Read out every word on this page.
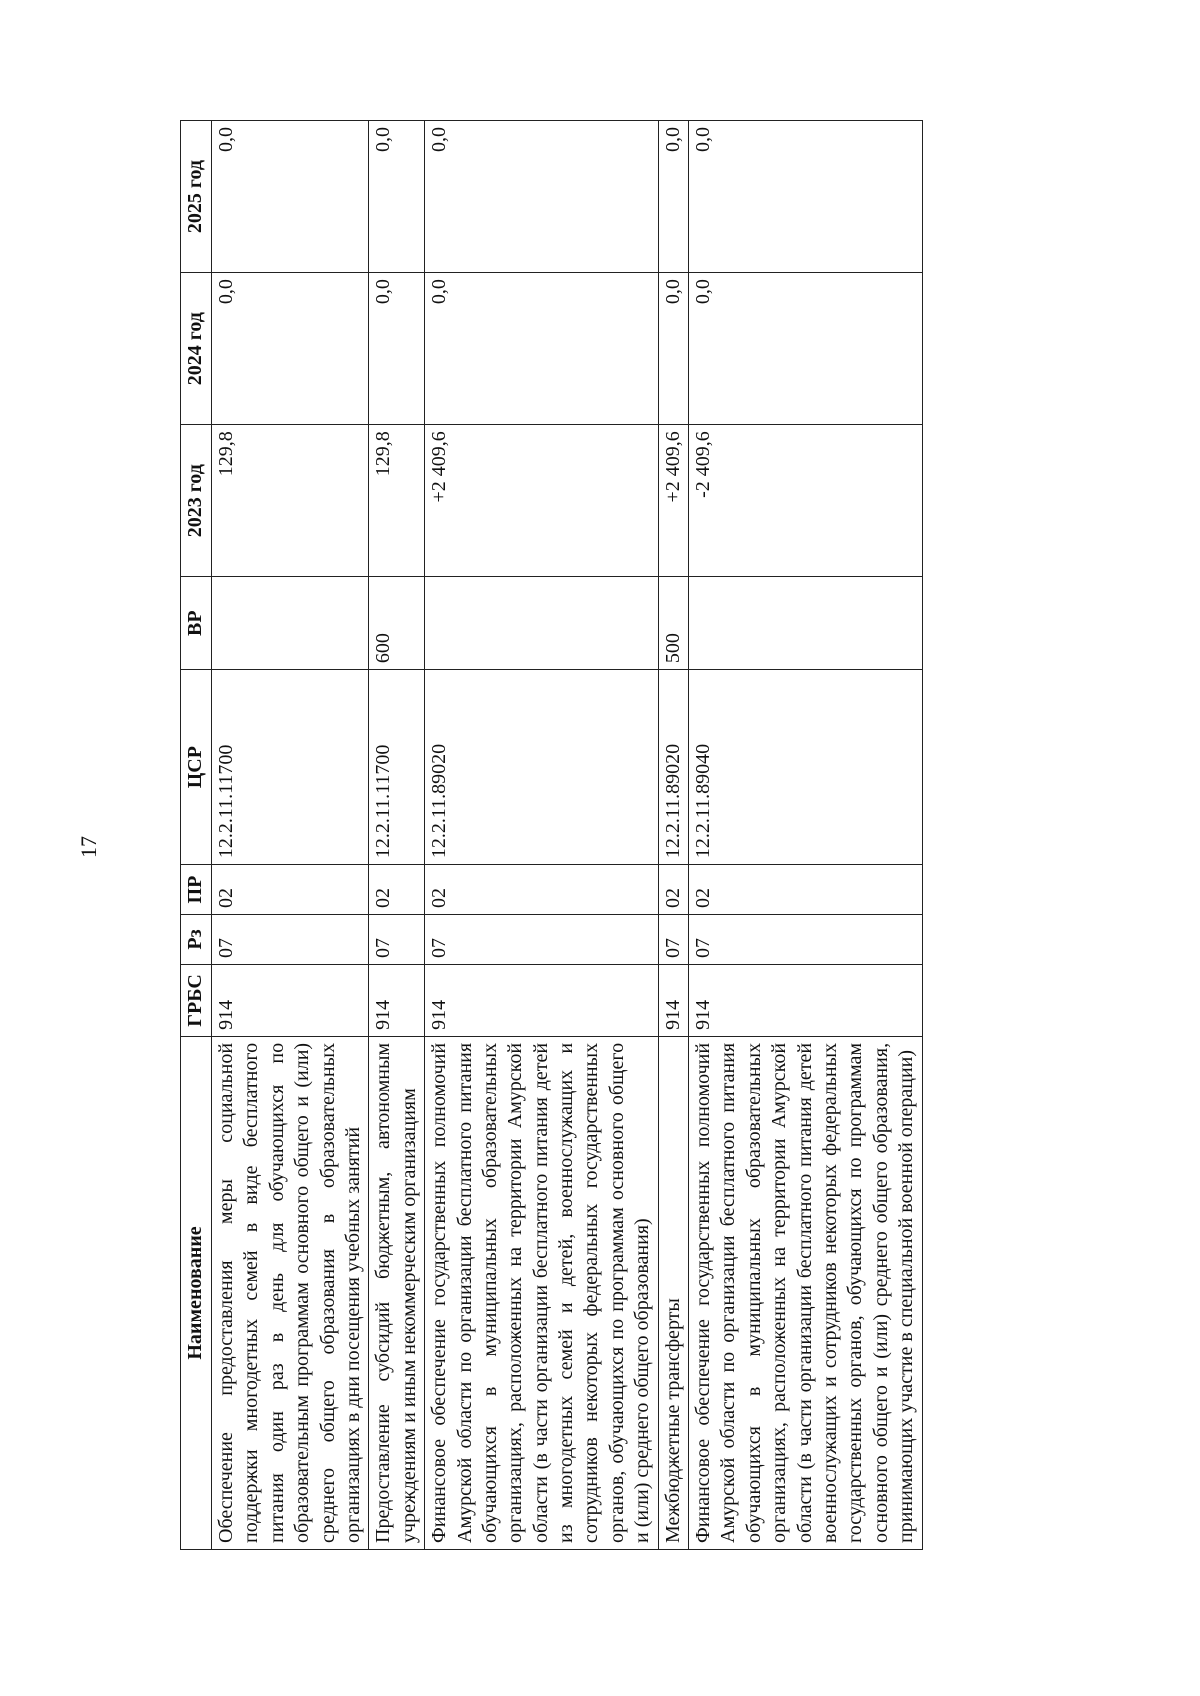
17
Наименование	ГРБС	Рз	ПР	ЦСР	ВР	2023 год	2024 год	2025 год
Обеспечение предоставления меры социальной поддержки многодетных семей в виде бесплатного питания один раз в день для обучающихся по образовательным программам основного общего и (или) среднего общего образования в образовательных организациях в дни посещения учебных занятий	914	07	02	12.2.11.11700		129,8	0,0	0,0
Предоставление субсидий бюджетным, автономным учреждениям и иным некоммерческим организациям	914	07	02	12.2.11.11700	600	129,8	0,0	0,0
Финансовое обеспечение государственных полномочий Амурской области по организации бесплатного питания обучающихся в муниципальных образовательных организациях, расположенных на территории Амурской области (в части организации бесплатного питания детей из многодетных семей и детей, военнослужащих и сотрудников некоторых федеральных государственных органов, обучающихся по программам основного общего и (или) среднего общего образования)	914	07	02	12.2.11.89020		+2 409,6	0,0	0,0
Межбюджетные трансферты	914	07	02	12.2.11.89020	500	+2 409,6	0,0	0,0
Финансовое обеспечение государственных полномочий Амурской области по организации бесплатного питания обучающихся в муниципальных образовательных организациях, расположенных на территории Амурской области (в части организации бесплатного питания детей военнослужащих и сотрудников некоторых федеральных государственных органов, обучающихся по программам основного общего и (или) среднего общего образования, принимающих участие в специальной военной операции)	914	07	02	12.2.11.89040		-2 409,6	0,0	0,0
